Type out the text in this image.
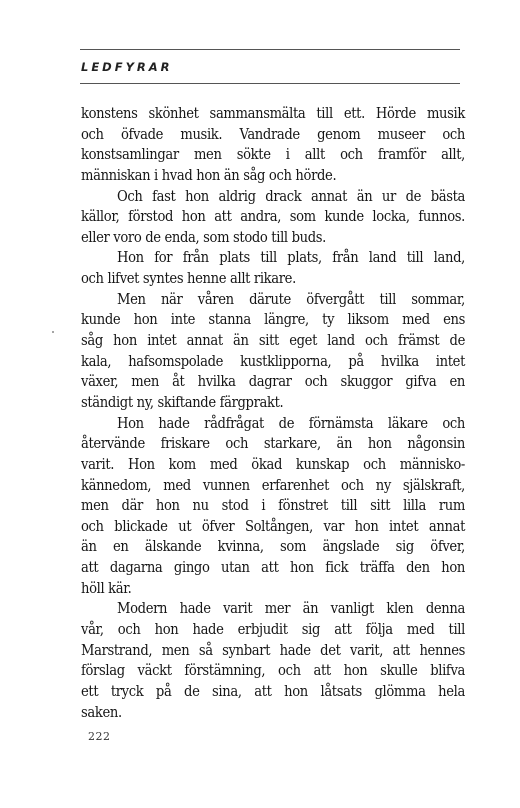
LEDFYRAR

konstens skönhet sammansmälta till ett. Hörde musik
och öfvade musik. Vandrade genom museer och
konstsamlingar men sökte i allt och framför allt,
människan i hvad hon än såg och hörde.
Och fast hon aldrig drack annat än ur de bästa
källor, förstod hon att andra, som kunde locka, funnos.
eller voro de enda, som stodo till buds.
Hon for från plats till plats, från land till land,
och lifvet syntes henne allt rikare.
Men när våren därute öfvergått till sommar,
kunde hon inte stanna längre, ty liksom med ens
såg hon intet annat än sitt eget land och främst de
kala, hafsomspolade kustklipporna, på hvilka intet
växer, men åt hvilka dagrar och skuggor gifva en
ständigt ny, skiftande färgprakt.
Hon hade rådfrågat de förnämsta läkare och
återvände friskare och starkare, än hon någonsin
varit. Hon kom med ökad kunskap och människo-
kännedom, med vunnen erfarenhet och ny själskraft,
men där hon nu stod i fönstret till sitt lilla rum
och blickade ut öfver Soltången, var hon intet annat
än en älskande kvinna, som ängslade sig öfver,
att dagarna gingo utan att hon fick träffa den hon
höll kär.
Modern hade varit mer än vanligt klen denna
vår, och hon hade erbjudit sig att följa med till
Marstrand, men så synbart hade det varit, att hennes
förslag väckt förstämning, och att hon skulle blifva
ett tryck på de sina, att hon låtsats glömma hela
saken.

222
